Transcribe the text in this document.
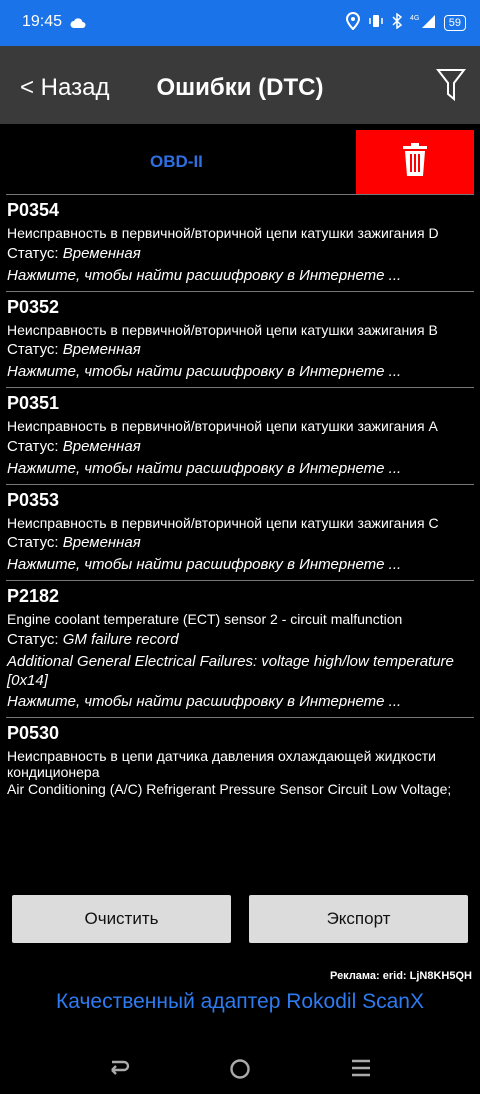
19:45	4G	59
< Назад	Ошибки (DTC)
OBD-II
P0354
Неисправность в первичной/вторичной цепи катушки зажигания D
Статус: Временная
Нажмите, чтобы найти расшифровку в Интернете ...
P0352
Неисправность в первичной/вторичной цепи катушки зажигания B
Статус: Временная
Нажмите, чтобы найти расшифровку в Интернете ...
P0351
Неисправность в первичной/вторичной цепи катушки зажигания A
Статус: Временная
Нажмите, чтобы найти расшифровку в Интернете ...
P0353
Неисправность в первичной/вторичной цепи катушки зажигания C
Статус: Временная
Нажмите, чтобы найти расшифровку в Интернете ...
P2182
Engine coolant temperature (ECT) sensor 2 - circuit malfunction
Статус: GM failure record
Additional General Electrical Failures: voltage high/low temperature [0x14]
Нажмите, чтобы найти расшифровку в Интернете ...
P0530
Неисправность в цепи датчика давления охлаждающей жидкости кондиционера
Air Conditioning (A/C) Refrigerant Pressure Sensor Circuit Low Voltage;
Очистить	Экспорт
Реклама: erid: LjN8KH5QH
Качественный адаптер Rokodil ScanX
